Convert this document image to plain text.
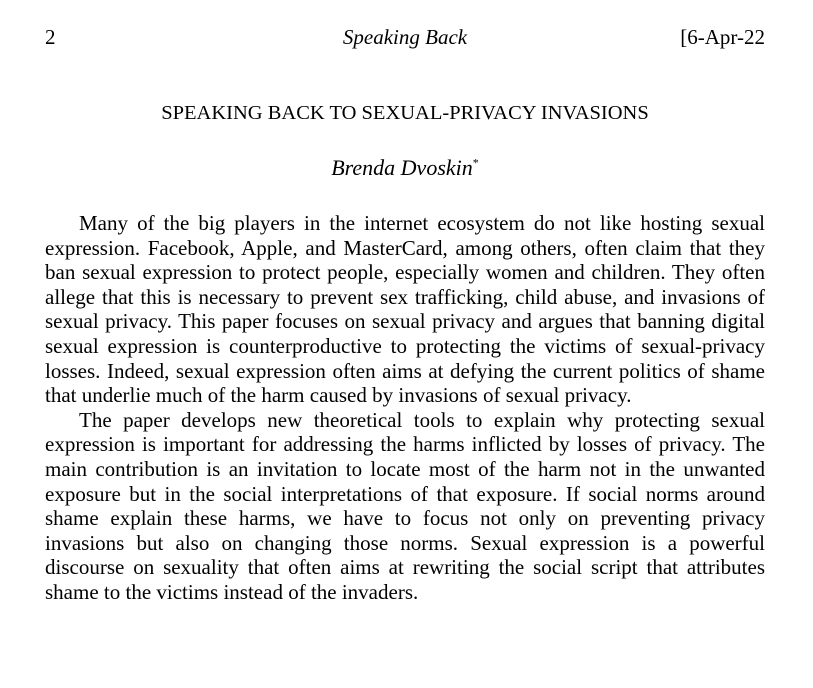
2	Speaking Back	[6-Apr-22
SPEAKING BACK TO SEXUAL-PRIVACY INVASIONS
Brenda Dvoskin*

Many of the big players in the internet ecosystem do not like hosting sexual expression. Facebook, Apple, and MasterCard, among others, often claim that they ban sexual expression to protect people, especially women and children. They often allege that this is necessary to prevent sex trafficking, child abuse, and invasions of sexual privacy. This paper focuses on sexual privacy and argues that banning digital sexual expression is counterproductive to protecting the victims of sexual-privacy losses. Indeed, sexual expression often aims at defying the current politics of shame that underlie much of the harm caused by invasions of sexual privacy.

The paper develops new theoretical tools to explain why protecting sexual expression is important for addressing the harms inflicted by losses of privacy. The main contribution is an invitation to locate most of the harm not in the unwanted exposure but in the social interpretations of that exposure. If social norms around shame explain these harms, we have to focus not only on preventing privacy invasions but also on changing those norms. Sexual expression is a powerful discourse on sexuality that often aims at rewriting the social script that attributes shame to the victims instead of the invaders.
